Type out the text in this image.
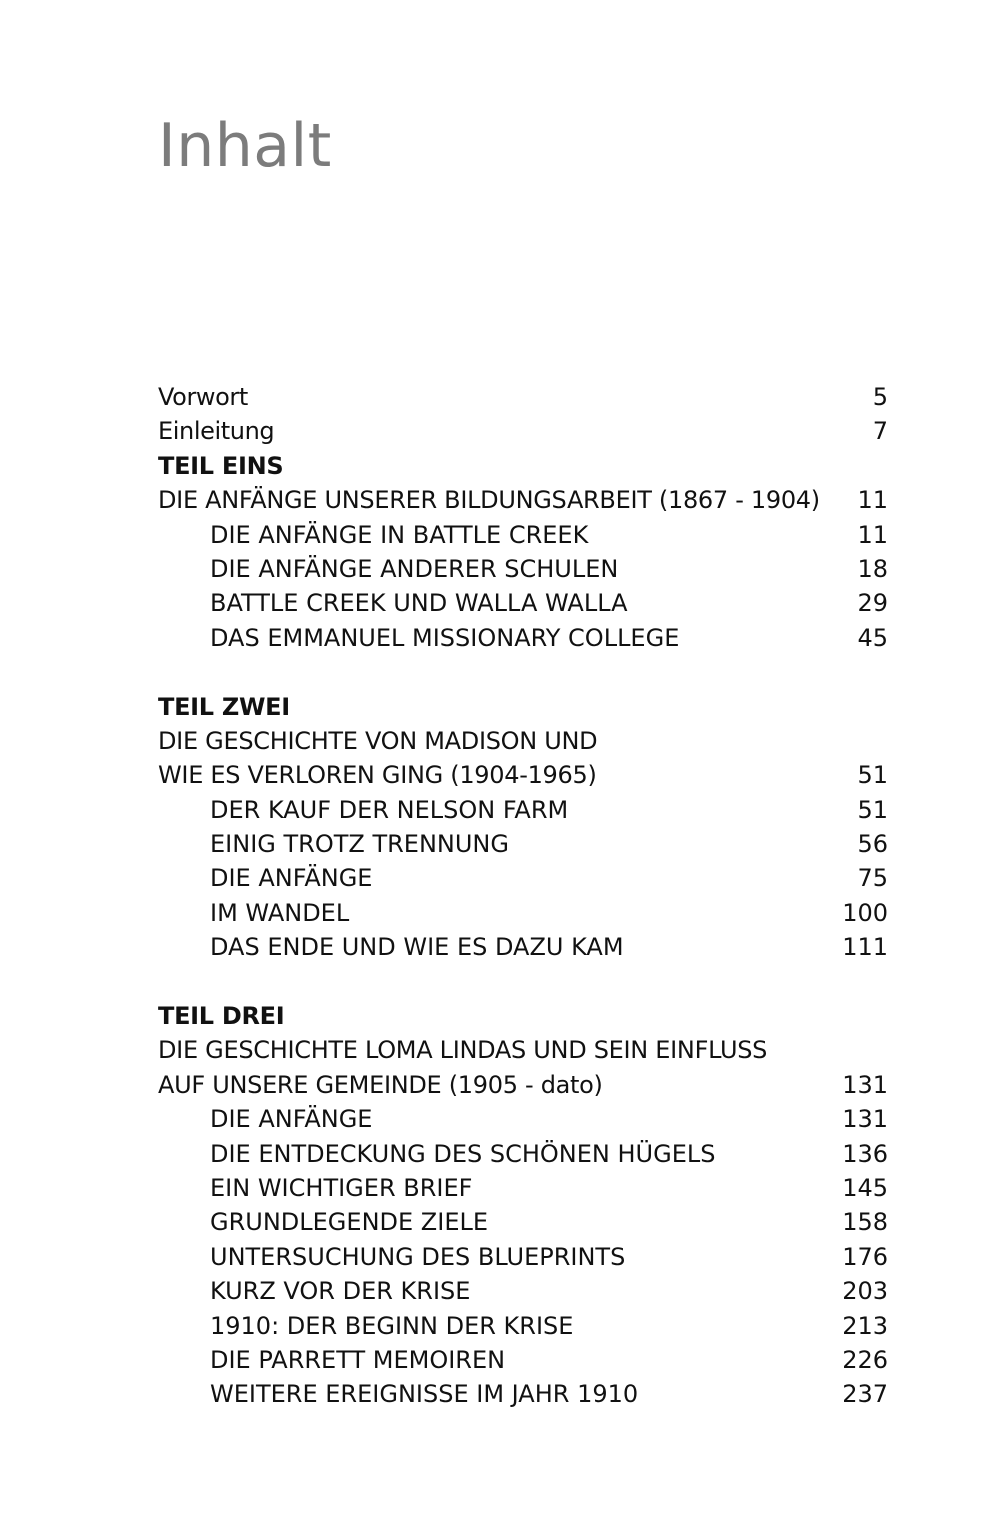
Inhalt
Vorwort	5
Einleitung	7
TEIL EINS
DIE ANFÄNGE UNSERER BILDUNGSARBEIT (1867 - 1904) 11
DIE ANFÄNGE IN BATTLE CREEK	11
DIE ANFÄNGE ANDERER SCHULEN	18
BATTLE CREEK UND WALLA WALLA	29
DAS EMMANUEL MISSIONARY COLLEGE	45
TEIL ZWEI
DIE GESCHICHTE VON MADISON UND
WIE ES VERLOREN GING (1904-1965)	51
DER KAUF DER NELSON FARM	51
EINIG TROTZ TRENNUNG	56
DIE ANFÄNGE	75
IM WANDEL	100
DAS ENDE UND WIE ES DAZU KAM	111
TEIL DREI
DIE GESCHICHTE LOMA LINDAS UND SEIN EINFLUSS
AUF UNSERE GEMEINDE (1905 - dato)	131
DIE ANFÄNGE	131
DIE ENTDECKUNG DES SCHÖNEN HÜGELS	136
EIN WICHTIGER BRIEF	145
GRUNDLEGENDE ZIELE	158
UNTERSUCHUNG DES BLUEPRINTS	176
KURZ VOR DER KRISE	203
1910: DER BEGINN DER KRISE	213
DIE PARRETT MEMOIREN	226
WEITERE EREIGNISSE IM JAHR 1910	237
